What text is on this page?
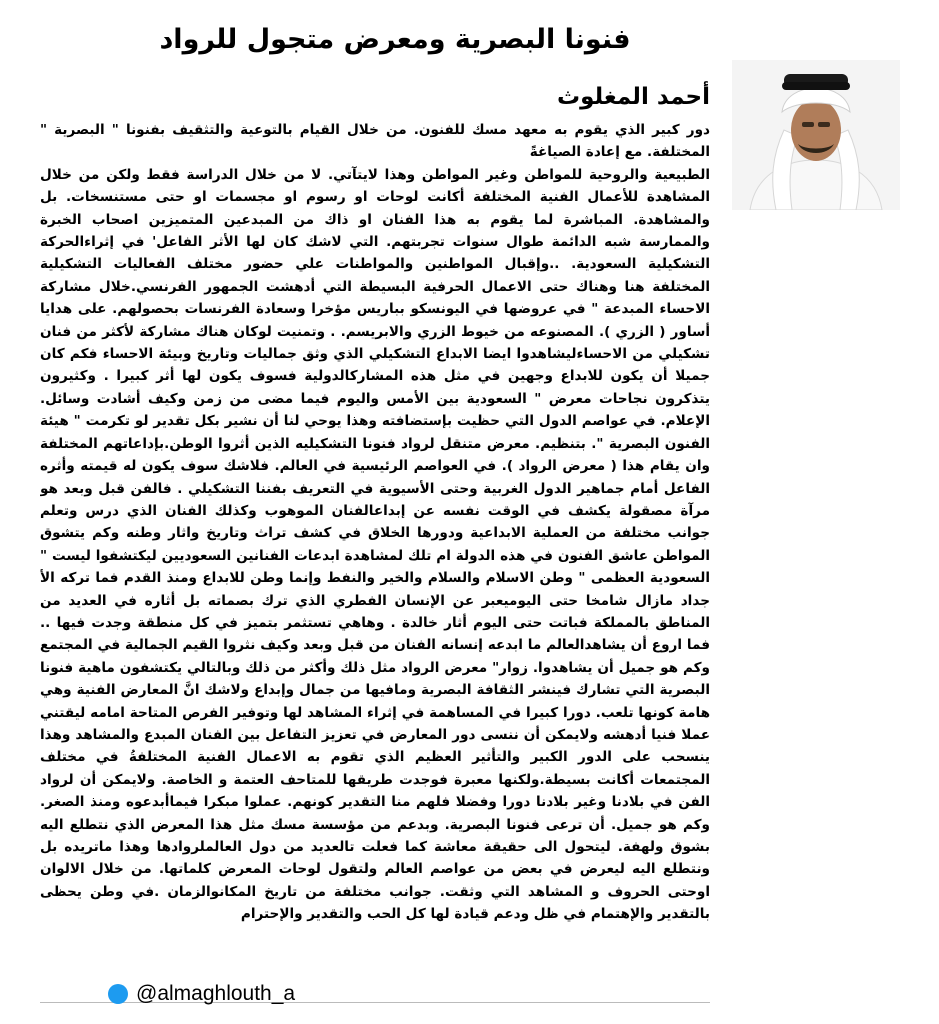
فنونا البصرية ومعرض متجول للرواد
أحمد المغلوث

دور كبير الذي يقوم به معهد مسك للفنون. من خلال القيام بالتوعية والتثقيف بفنونا " البصرية " المختلفة. مع إعادة الصياغةً

الطبيعية والروحية للمواطن وغير المواطن وهذا لايتآتي. لا من خلال الدراسة فقط ولكن من خلال المشاهدة للأعمال الفنية المختلفة أكانت لوحات او رسوم او مجسمات او حتى مستنسخات. بل والمشاهدة. المباشرة لما يقوم به هذا الفنان او ذاك من المبدعين المتميزين اصحاب الخبرة والممارسة شبه الدائمة طوال سنوات تجربتهم. التي لاشك كان لها الأثر الفاعل' في إثراءالحركة التشكيلية السعودية. ..وإقبال المواطنين والمواطنات علي حضور مختلف الفعاليات التشكيلية المختلفة هنا وهناك حتى الاعمال الحرفية البسيطة التي أدهشت الجمهور الفرنسي.خلال مشاركة الاحساء المبدعة " في عروضها في اليونسكو بباريس مؤخرا وسعادة الفرنسات بحصولهم. على هدايا أساور ( الزري ). المصنوعه من خيوط الزري والابريسم. . وتمنيت لوكان هناك مشاركة لأكثر من فنان تشكيلي من الاحساءليشاهدوا ايضا الابداع التشكيلي الذي وثق جماليات وتاريخ وبيئة الاحساء فكم كان جميلا أن يكون للابداع وجهين في مثل هذه المشاركالدولية فسوف يكون لها أثر كبيرا . وكثيرون يتذكرون نجاحات معرض " السعودية بين الأمس واليوم فيما مضى من زمن وكيف أشادت وسائل. الإعلام. في عواصم الدول التي حظيت بإستضافته وهذا يوحي لنا أن نشير بكل تقدير لو تكرمت " هيئة الفنون البصرية ". بتنظيم. معرض متنقل لرواد فنونا التشكيليه الذين أثروا الوطن.بإداعاتهم المختلفة وان يقام هذا ( معرض الرواد ). في العواصم الرئيسية في العالم. فلاشك سوف يكون له قيمته وأثره الفاعل أمام جماهير الدول الغربية وحتى الأسيوية في التعريف بفننا التشكيلي . فالفن قبل وبعد هو مرآة مصقولة يكشف في الوقت نفسه عن إبداعالفنان الموهوب وكذلك الفنان الذي درس وتعلم جوانب مختلفة من العملية الابداعية ودورها الخلاق في كشف تراث وتاريخ واثار وطنه وكم يتشوق المواطن عاشق الفنون في هذه الدولة ام تلك لمشاهدة ابدعات الفنانين السعوديين ليكتشفوا ليست " السعودية العظمى " وطن الاسلام والسلام والخير والنفط وإنما وطن للابداع ومنذ القدم فما تركه الأ جداد مازال شامخا حتى اليوميعبر عن الإنسان الفطري الذي ترك بصماته بل أثاره في العديد من المناطق بالمملكة فباتت حتى اليوم أثار خالدة . وهاهي تستثمر بتميز في كل منطقة وجدت فيها .. فما اروع أن يشاهدالعالم ما ابدعه إنسانه الفنان من قبل وبعد وكيف نثروا القيم الجمالية في المجتمع وكم هو جميل أن يشاهدوا. زوار" معرض الرواد مثل ذلك وأكثر من ذلك وبالتالي يكتشفون ماهية فنونا البصرية التي تشارك فينشر الثقافة البصرية ومافيها من جمال وإبداع ولاشك انَّ المعارض الفنية وهي هامة كونها تلعب. دورا كبيرا في المساهمة في إثراء المشاهد لها وتوفير الفرص المتاحة امامه ليقتني عملا فنيا أدهشه ولايمكن أن ننسى دور المعارض في تعزيز التفاعل بين الفنان المبدع والمشاهد وهذا ينسحب على الدور الكبير والتأثير العظيم الذي تقوم به الاعمال الفنية المختلفةُ في مختلف المجتمعات أكانت بسيطة.ولكنها معبرة فوجدت طريقها للمتاحف العتمة و الخاصة. ولايمكن أن لرواد الفن في بلادنا وغير بلادنا دورا وفضلا فلهم منا التقدير كونهم. عملوا مبكرا فيماأبدعوه ومنذ الصغر. وكم هو جميل. أن ترعى فنونا البصرية. وبدعم من مؤسسة مسك مثل هذا المعرض الذي نتطلع اليه بشوق ولهفة. ليتحول الى حقيقة معاشة كما فعلت تالعديد من دول العالملروادها وهذا ماتريده بل ونتطلع اليه ليعرض في بعض من عواصم العالم ولتقول لوحات المعرض كلماتها. من خلال الالوان اوحتى الحروف و المشاهد التي وثقت. جوانب مختلفة من تاريخ المكانوالزمان .في وطن يحظى بالتقدير والإهتمام في ظل ودعم قيادة لها كل الحب والتقدير والإحترام

@almaghlouth_a
